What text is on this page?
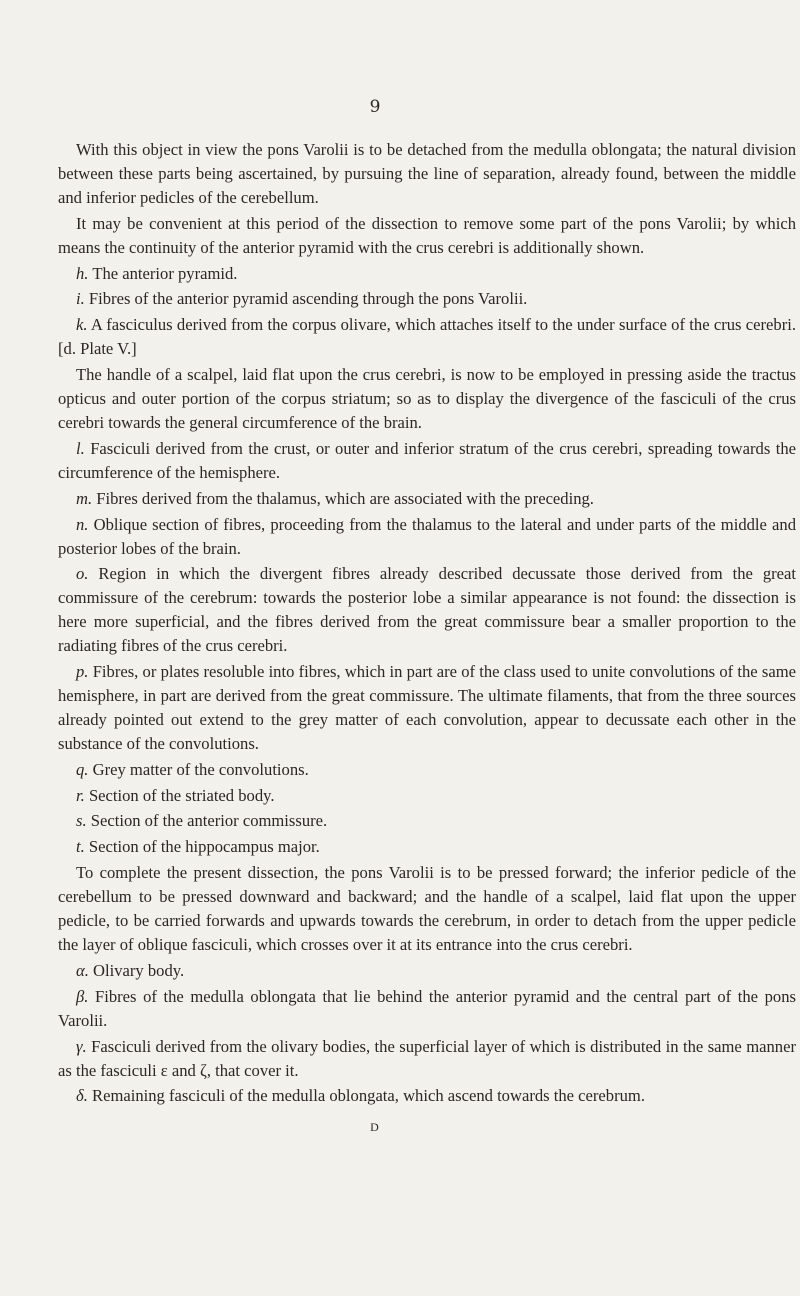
9

With this object in view the pons Varolii is to be detached from the medulla oblongata; the natural division between these parts being ascertained, by pursuing the line of separation, already found, between the middle and inferior pedicles of the cerebellum.

It may be convenient at this period of the dissection to remove some part of the pons Varolii; by which means the continuity of the anterior pyramid with the crus cerebri is additionally shown.

h. The anterior pyramid.

i. Fibres of the anterior pyramid ascending through the pons Varolii.

k. A fasciculus derived from the corpus olivare, which attaches itself to the under surface of the crus cerebri. [d. Plate V.]

The handle of a scalpel, laid flat upon the crus cerebri, is now to be employed in pressing aside the tractus opticus and outer portion of the corpus striatum; so as to display the divergence of the fasciculi of the crus cerebri towards the general circumference of the brain.

l. Fasciculi derived from the crust, or outer and inferior stratum of the crus cerebri, spreading towards the circumference of the hemisphere.

m. Fibres derived from the thalamus, which are associated with the preceding.

n. Oblique section of fibres, proceeding from the thalamus to the lateral and under parts of the middle and posterior lobes of the brain.

o. Region in which the divergent fibres already described decussate those derived from the great commissure of the cerebrum: towards the posterior lobe a similar appearance is not found: the dissection is here more superficial, and the fibres derived from the great commissure bear a smaller proportion to the radiating fibres of the crus cerebri.

p. Fibres, or plates resoluble into fibres, which in part are of the class used to unite convolutions of the same hemisphere, in part are derived from the great commissure. The ultimate filaments, that from the three sources already pointed out extend to the grey matter of each convolution, appear to decussate each other in the substance of the convolutions.

q. Grey matter of the convolutions.

r. Section of the striated body.

s. Section of the anterior commissure.

t. Section of the hippocampus major.

To complete the present dissection, the pons Varolii is to be pressed forward; the inferior pedicle of the cerebellum to be pressed downward and backward; and the handle of a scalpel, laid flat upon the upper pedicle, to be carried forwards and upwards towards the cerebrum, in order to detach from the upper pedicle the layer of oblique fasciculi, which crosses over it at its entrance into the crus cerebri.

α. Olivary body.

β. Fibres of the medulla oblongata that lie behind the anterior pyramid and the central part of the pons Varolii.

γ. Fasciculi derived from the olivary bodies, the superficial layer of which is distributed in the same manner as the fasciculi ε and ζ, that cover it.

δ. Remaining fasciculi of the medulla oblongata, which ascend towards the cerebrum.

D
